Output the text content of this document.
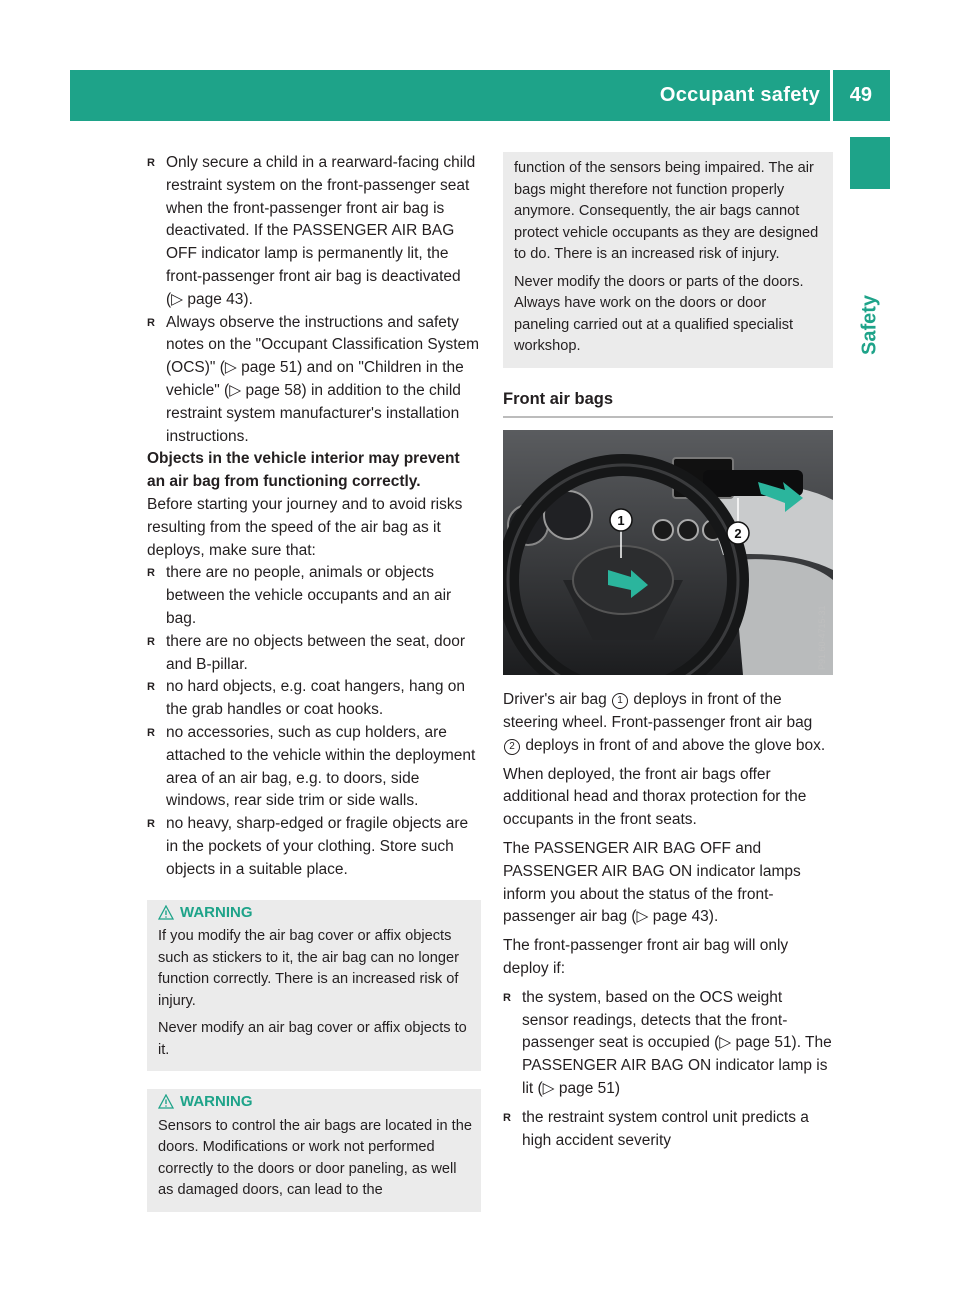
Occupant safety 49
Safety

R Only secure a child in a rearward-facing child restraint system on the front-passenger seat when the front-passenger front air bag is deactivated. If the PASSENGER AIR BAG OFF indicator lamp is permanently lit, the front-passenger front air bag is deactivated (▷ page 43).

R Always observe the instructions and safety notes on the "Occupant Classification System (OCS)" (▷ page 51) and on "Children in the vehicle" (▷ page 58) in addition to the child restraint system manufacturer's installation instructions.

Objects in the vehicle interior may prevent an air bag from functioning correctly.

Before starting your journey and to avoid risks resulting from the speed of the air bag as it deploys, make sure that:

R there are no people, animals or objects between the vehicle occupants and an air bag.

R there are no objects between the seat, door and B-pillar.

R no hard objects, e.g. coat hangers, hang on the grab handles or coat hooks.

R no accessories, such as cup holders, are attached to the vehicle within the deployment area of an air bag, e.g. to doors, side windows, rear side trim or side walls.

R no heavy, sharp-edged or fragile objects are in the pockets of your clothing. Store such objects in a suitable place.

WARNING

If you modify the air bag cover or affix objects such as stickers to it, the air bag can no longer function correctly. There is an increased risk of injury.

Never modify an air bag cover or affix objects to it.

WARNING

Sensors to control the air bags are located in the doors. Modifications or work not performed correctly to the doors or door paneling, as well as damaged doors, can lead to the

function of the sensors being impaired. The air bags might therefore not function properly anymore. Consequently, the air bags cannot protect vehicle occupants as they are designed to do. There is an increased risk of injury.

Never modify the doors or parts of the doors. Always have work on the doors or door paneling carried out at a qualified specialist workshop.

Front air bags
1
2
P91.60-4715-31

Driver's air bag 1 deploys in front of the steering wheel. Front-passenger front air bag 2 deploys in front of and above the glove box.

When deployed, the front air bags offer additional head and thorax protection for the occupants in the front seats.

The PASSENGER AIR BAG OFF and PASSENGER AIR BAG ON indicator lamps inform you about the status of the front-passenger air bag (▷ page 43).

The front-passenger front air bag will only deploy if:

R the system, based on the OCS weight sensor readings, detects that the front-passenger seat is occupied (▷ page 51). The PASSENGER AIR BAG ON indicator lamp is lit (▷ page 51)

R the restraint system control unit predicts a high accident severity
